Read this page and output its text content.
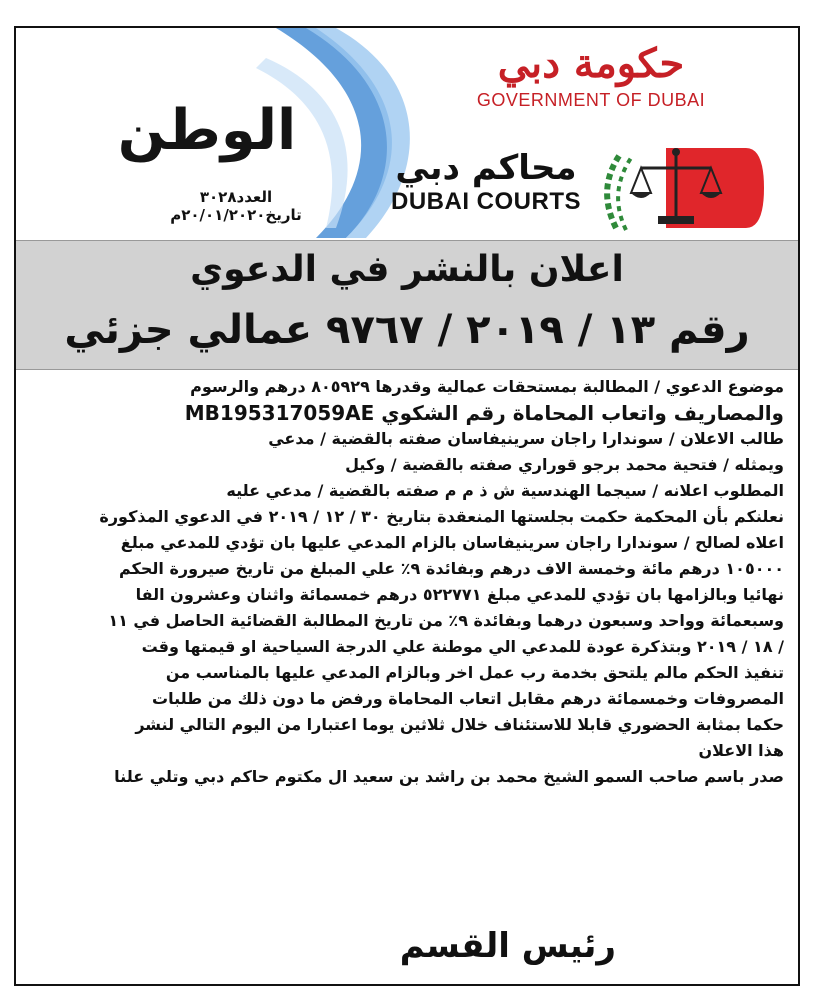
الوطن
العدد٣٠٢٨ تاريخ٢٠/٠١/٢٠٢٠م
حكومة دبي
GOVERNMENT OF DUBAI
محاكم دبي
DUBAI COURTS
اعلان بالنشر في الدعوي
رقم ١٣ / ٢٠١٩ / ٩٧٦٧ عمالي جزئي
موضوع الدعوي / المطالبة بمستحقات عمالية وقدرها ٨٠٥٩٢٩ درهم والرسوم
والمصاريف واتعاب المحاماة رقم الشكوي MB195317059AE
طالب الاعلان / سوندارا راجان سرينيفاسان صفته بالقضية / مدعي
ويمثله / فتحية محمد برجو قوراري صفته بالقضية / وكيل
المطلوب اعلانه / سيجما الهندسية ش ذ م م صفته بالقضية / مدعي عليه
نعلنكم بأن المحكمة حكمت بجلستها المنعقدة بتاريخ ٣٠ / ١٢ / ٢٠١٩ في الدعوي المذكورة
اعلاه لصالح / سوندارا راجان سرينيفاسان بالزام المدعي عليها بان تؤدي للمدعي مبلغ
١٠٥٠٠٠ درهم مائة وخمسة الاف درهم وبفائدة ٩٪ علي المبلغ من تاريخ صيرورة الحكم
نهائيا وبالزامها بان تؤدي للمدعي مبلغ ٥٢٢٧٧١ درهم خمسمائة واثنان وعشرون الفا
وسبعمائة وواحد وسبعون درهما وبفائدة ٩٪ من تاريخ المطالبة القضائية الحاصل في ١١
/ ١٨ / ٢٠١٩ وبتذكرة عودة للمدعي الي موطنة علي الدرجة السياحية او قيمتها وقت
تنفيذ الحكم مالم يلتحق بخدمة رب عمل اخر وبالزام المدعي عليها بالمناسب من
المصروفات وخمسمائة درهم مقابل اتعاب المحاماة ورفض ما دون ذلك من طلبات
حكما بمثابة الحضوري قابلا للاستئناف خلال ثلاثين يوما اعتبارا من اليوم التالي لنشر
هذا الاعلان
صدر باسم صاحب السمو الشيخ محمد بن راشد بن سعيد ال مكتوم حاكم دبي وتلي علنا
رئيس القسم
